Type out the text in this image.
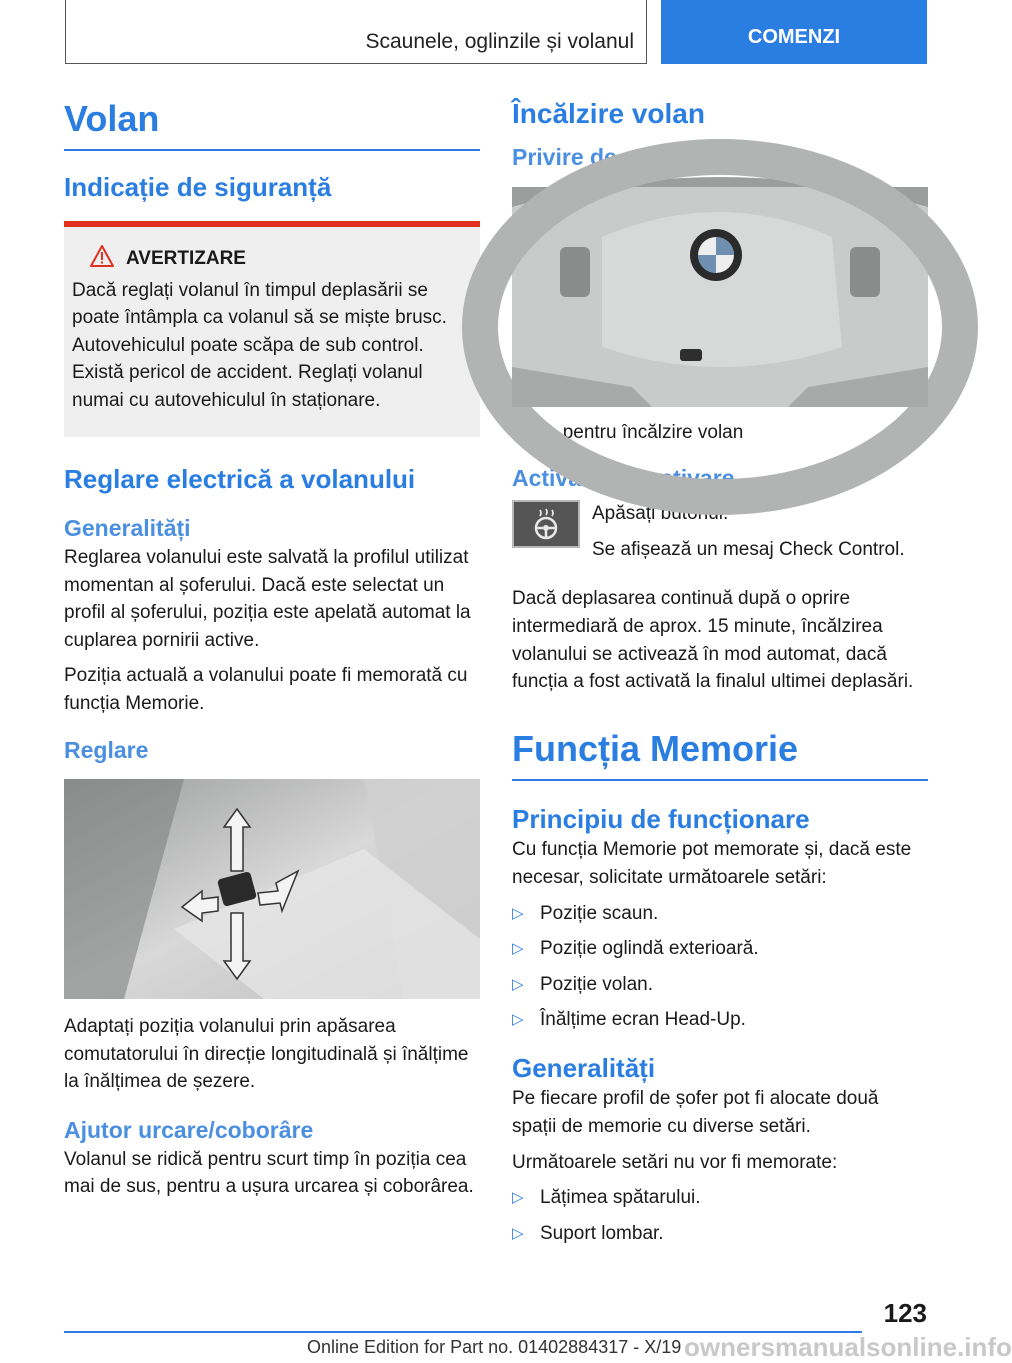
Scaunele, oglinzile și volanul	COMENZI
Volan
Indicație de siguranță
AVERTIZARE
Dacă reglați volanul în timpul deplasării se poate întâmpla ca volanul să se miște brusc. Autovehiculul poate scăpa de sub control. Există pericol de accident. Reglați volanul numai cu autovehiculul în staționare.
Reglare electrică a volanului
Generalități

Reglarea volanului este salvată la profilul utilizat momentan al șoferului. Dacă este selectat un profil al șoferului, poziția este apelată automat la cuplarea pornirii active.

Poziția actuală a volanului poate fi memorată cu funcția Memorie.

Reglare

Adaptați poziția volanului prin apăsarea comutatorului în direcție longitudinală și înălțime la înălțimea de șezere.

Ajutor urcare/coborâre

Volanul se ridică pentru scurt timp în poziția cea mai de sus, pentru a ușura urcarea și coborârea.

Încălzire volan
Privire de ansamblu

Tasta pentru încălzire volan

Activare/dezactivare

Apăsați butonul.

Se afișează un mesaj Check Control.

Dacă deplasarea continuă după o oprire intermediară de aprox. 15 minute, încălzirea volanului se activează în mod automat, dacă funcția a fost activată la finalul ultimei deplasări.

Funcția Memorie
Principiu de funcționare

Cu funcția Memorie pot memorate și, dacă este necesar, solicitate următoarele setări:

▷ Poziție scaun.
▷ Poziție oglindă exterioară.
▷ Poziție volan.
▷ Înălțime ecran Head-Up.
Generalități

Pe fiecare profil de șofer pot fi alocate două spații de memorie cu diverse setări.

Următoarele setări nu vor fi memorate:

▷ Lățimea spătarului.
▷ Suport lombar.
123
Online Edition for Part no. 01402884317 - X/19 ownersmanualsonline.info
